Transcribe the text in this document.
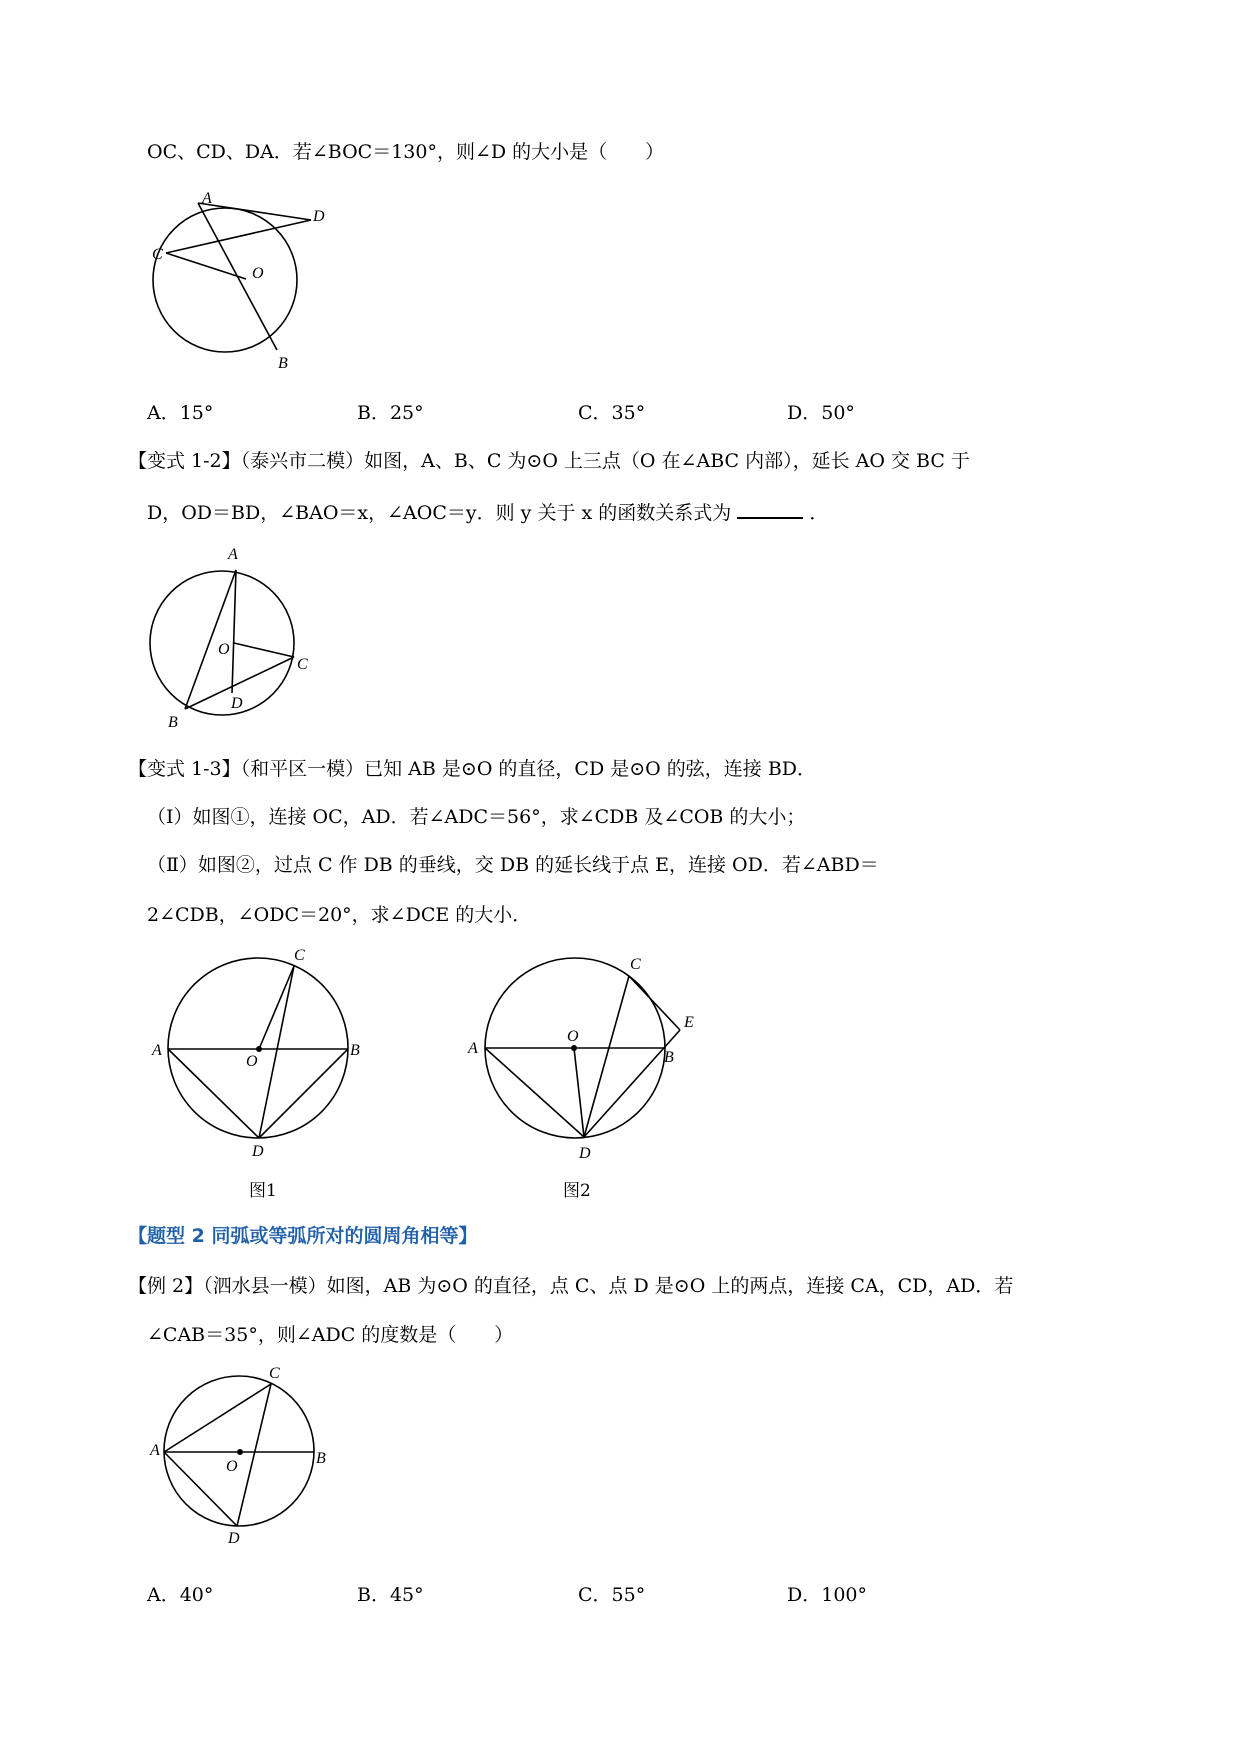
OC、CD、DA．若∠BOC＝130°，则∠D 的大小是（　　）
A
D
C
O
B
A．15°	B．25°	C．35°	D．50°
【变式 1-2】（泰兴市二模）如图，A、B、C 为⊙O 上三点（O 在∠ABC 内部），延长 AO 交 BC 于
D，OD＝BD，∠BAO＝x，∠AOC＝y．则 y 关于 x 的函数关系式为	．
A
O
C
D
B
【变式 1-3】（和平区一模）已知 AB 是⊙O 的直径，CD 是⊙O 的弦，连接 BD．
（Ⅰ）如图①，连接 OC，AD．若∠ADC＝56°，求∠CDB 及∠COB 的大小；
（Ⅱ）如图②，过点 C 作 DB 的垂线，交 DB 的延长线于点 E，连接 OD．若∠ABD＝
2∠CDB，∠ODC＝20°，求∠DCE 的大小．
C
A	B
O
D
图1
C
E
A
O
B
D
图2
【题型 2 同弧或等弧所对的圆周角相等】
【例 2】（泗水县一模）如图，AB 为⊙O 的直径，点 C、点 D 是⊙O 上的两点，连接 CA，CD，AD．若
∠CAB＝35°，则∠ADC 的度数是（　　）
C
A	B
O
D
A．40°	B．45°	C．55°	D．100°
